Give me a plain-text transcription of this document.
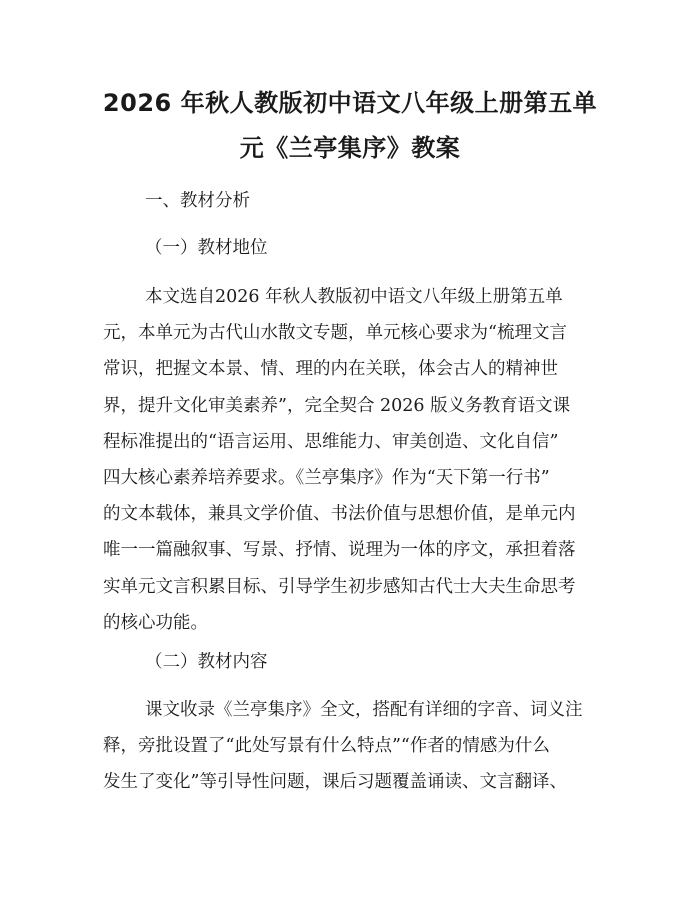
2026 年秋人教版初中语文八年级上册第五单
元《兰亭集序》教案
一、教材分析
（一）教材地位
本文选自2026 年秋人教版初中语文八年级上册第五单
元，本单元为古代山水散文专题，单元核心要求为“梳理文言
常识，把握文本景、情、理的内在关联，体会古人的精神世
界，提升文化审美素养”，完全契合 2026 版义务教育语文课
程标准提出的“语言运用、思维能力、审美创造、文化自信”
四大核心素养培养要求。《兰亭集序》作为“天下第一行书”
的文本载体，兼具文学价值、书法价值与思想价值，是单元内
唯一一篇融叙事、写景、抒情、说理为一体的序文，承担着落
实单元文言积累目标、引导学生初步感知古代士大夫生命思考
的核心功能。
（二）教材内容
课文收录《兰亭集序》全文，搭配有详细的字音、词义注
释，旁批设置了“此处写景有什么特点”“作者的情感为什么
发生了变化”等引导性问题，课后习题覆盖诵读、文言翻译、
